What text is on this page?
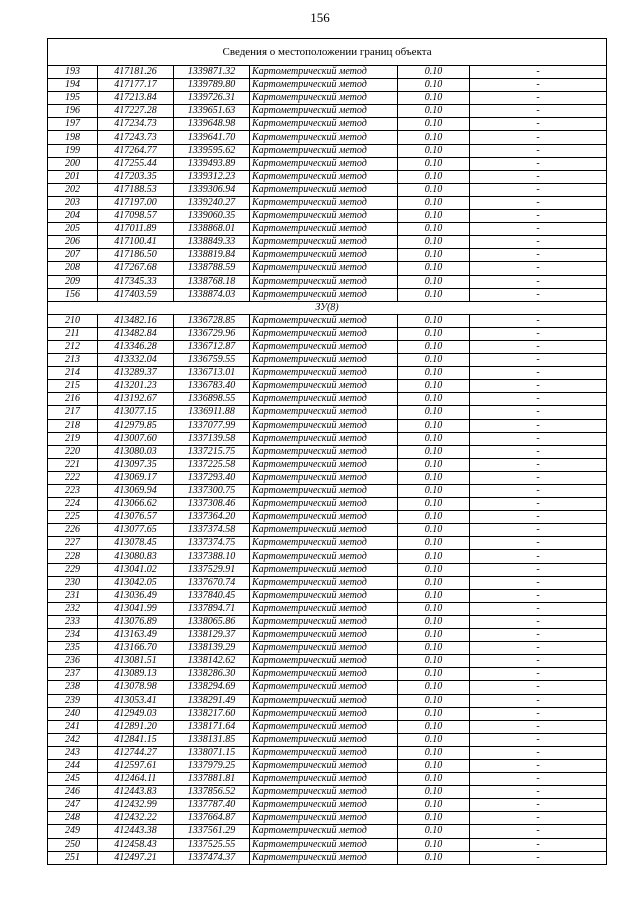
156
Сведения о местоположении границ объекта					
193	417181.26	1339871.32	Картометрический метод	0.10	-
194	417177.17	1339789.80	Картометрический метод	0.10	-
195	417213.84	1339726.31	Картометрический метод	0.10	-
196	417227.28	1339651.63	Картометрический метод	0.10	-
197	417234.73	1339648.98	Картометрический метод	0.10	-
198	417243.73	1339641.70	Картометрический метод	0.10	-
199	417264.77	1339595.62	Картометрический метод	0.10	-
200	417255.44	1339493.89	Картометрический метод	0.10	-
201	417203.35	1339312.23	Картометрический метод	0.10	-
202	417188.53	1339306.94	Картометрический метод	0.10	-
203	417197.00	1339240.27	Картометрический метод	0.10	-
204	417098.57	1339060.35	Картометрический метод	0.10	-
205	417011.89	1338868.01	Картометрический метод	0.10	-
206	417100.41	1338849.33	Картометрический метод	0.10	-
207	417186.50	1338819.84	Картометрический метод	0.10	-
208	417267.68	1338788.59	Картометрический метод	0.10	-
209	417345.33	1338768.18	Картометрический метод	0.10	-
156	417403.59	1338874.03	Картометрический метод	0.10	-
ЗУ(8)					
210	413482.16	1336728.85	Картометрический метод	0.10	-
211	413482.84	1336729.96	Картометрический метод	0.10	-
212	413346.28	1336712.87	Картометрический метод	0.10	-
213	413332.04	1336759.55	Картометрический метод	0.10	-
214	413289.37	1336713.01	Картометрический метод	0.10	-
215	413201.23	1336783.40	Картометрический метод	0.10	-
216	413192.67	1336898.55	Картометрический метод	0.10	-
217	413077.15	1336911.88	Картометрический метод	0.10	-
218	412979.85	1337077.99	Картометрический метод	0.10	-
219	413007.60	1337139.58	Картометрический метод	0.10	-
220	413080.03	1337215.75	Картометрический метод	0.10	-
221	413097.35	1337225.58	Картометрический метод	0.10	-
222	413069.17	1337293.40	Картометрический метод	0.10	-
223	413069.94	1337300.75	Картометрический метод	0.10	-
224	413066.62	1337308.46	Картометрический метод	0.10	-
225	413076.57	1337364.20	Картометрический метод	0.10	-
226	413077.65	1337374.58	Картометрический метод	0.10	-
227	413078.45	1337374.75	Картометрический метод	0.10	-
228	413080.83	1337388.10	Картометрический метод	0.10	-
229	413041.02	1337529.91	Картометрический метод	0.10	-
230	413042.05	1337670.74	Картометрический метод	0.10	-
231	413036.49	1337840.45	Картометрический метод	0.10	-
232	413041.99	1337894.71	Картометрический метод	0.10	-
233	413076.89	1338065.86	Картометрический метод	0.10	-
234	413163.49	1338129.37	Картометрический метод	0.10	-
235	413166.70	1338139.29	Картометрический метод	0.10	-
236	413081.51	1338142.62	Картометрический метод	0.10	-
237	413089.13	1338286.30	Картометрический метод	0.10	-
238	413078.98	1338294.69	Картометрический метод	0.10	-
239	413053.41	1338291.49	Картометрический метод	0.10	-
240	412949.03	1338217.60	Картометрический метод	0.10	-
241	412891.20	1338171.64	Картометрический метод	0.10	-
242	412841.15	1338131.85	Картометрический метод	0.10	-
243	412744.27	1338071.15	Картометрический метод	0.10	-
244	412597.61	1337979.25	Картометрический метод	0.10	-
245	412464.11	1337881.81	Картометрический метод	0.10	-
246	412443.83	1337856.52	Картометрический метод	0.10	-
247	412432.99	1337787.40	Картометрический метод	0.10	-
248	412432.22	1337664.87	Картометрический метод	0.10	-
249	412443.38	1337561.29	Картометрический метод	0.10	-
250	412458.43	1337525.55	Картометрический метод	0.10	-
251	412497.21	1337474.37	Картометрический метод	0.10	-
